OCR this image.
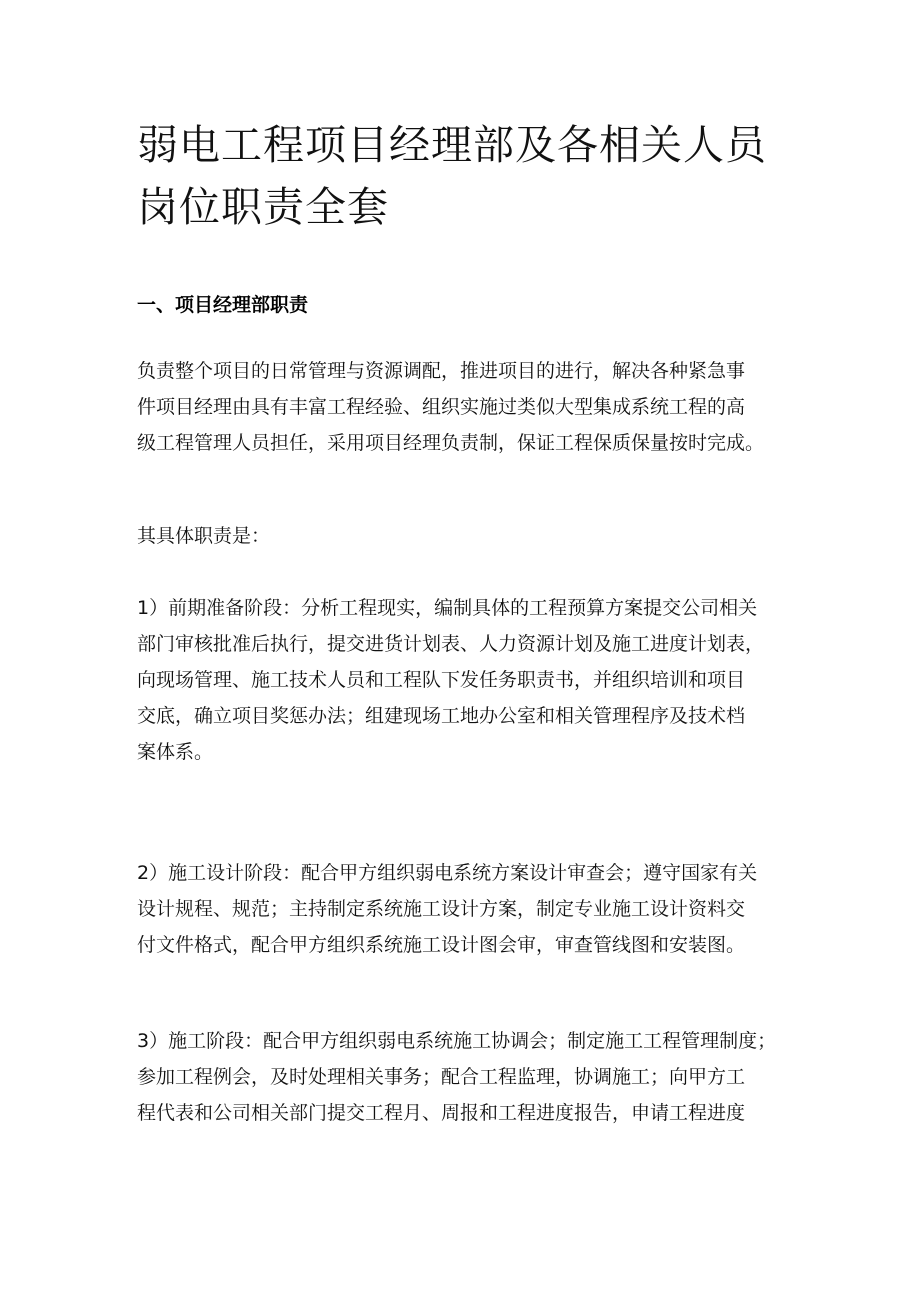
弱电工程项目经理部及各相关人员
岗位职责全套
一、项目经理部职责

负责整个项目的日常管理与资源调配，推进项目的进行，解决各种紧急事
件项目经理由具有丰富工程经验、组织实施过类似大型集成系统工程的高
级工程管理人员担任，采用项目经理负责制，保证工程保质保量按时完成。

其具体职责是：

1）前期准备阶段：分析工程现实，编制具体的工程预算方案提交公司相关
部门审核批准后执行，提交进货计划表、人力资源计划及施工进度计划表，
向现场管理、施工技术人员和工程队下发任务职责书，并组织培训和项目
交底，确立项目奖惩办法；组建现场工地办公室和相关管理程序及技术档
案体系。

2）施工设计阶段：配合甲方组织弱电系统方案设计审查会；遵守国家有关
设计规程、规范；主持制定系统施工设计方案，制定专业施工设计资料交
付文件格式，配合甲方组织系统施工设计图会审，审查管线图和安装图。

3）施工阶段：配合甲方组织弱电系统施工协调会；制定施工工程管理制度；
参加工程例会，及时处理相关事务；配合工程监理，协调施工；向甲方工
程代表和公司相关部门提交工程月、周报和工程进度报告，申请工程进度
